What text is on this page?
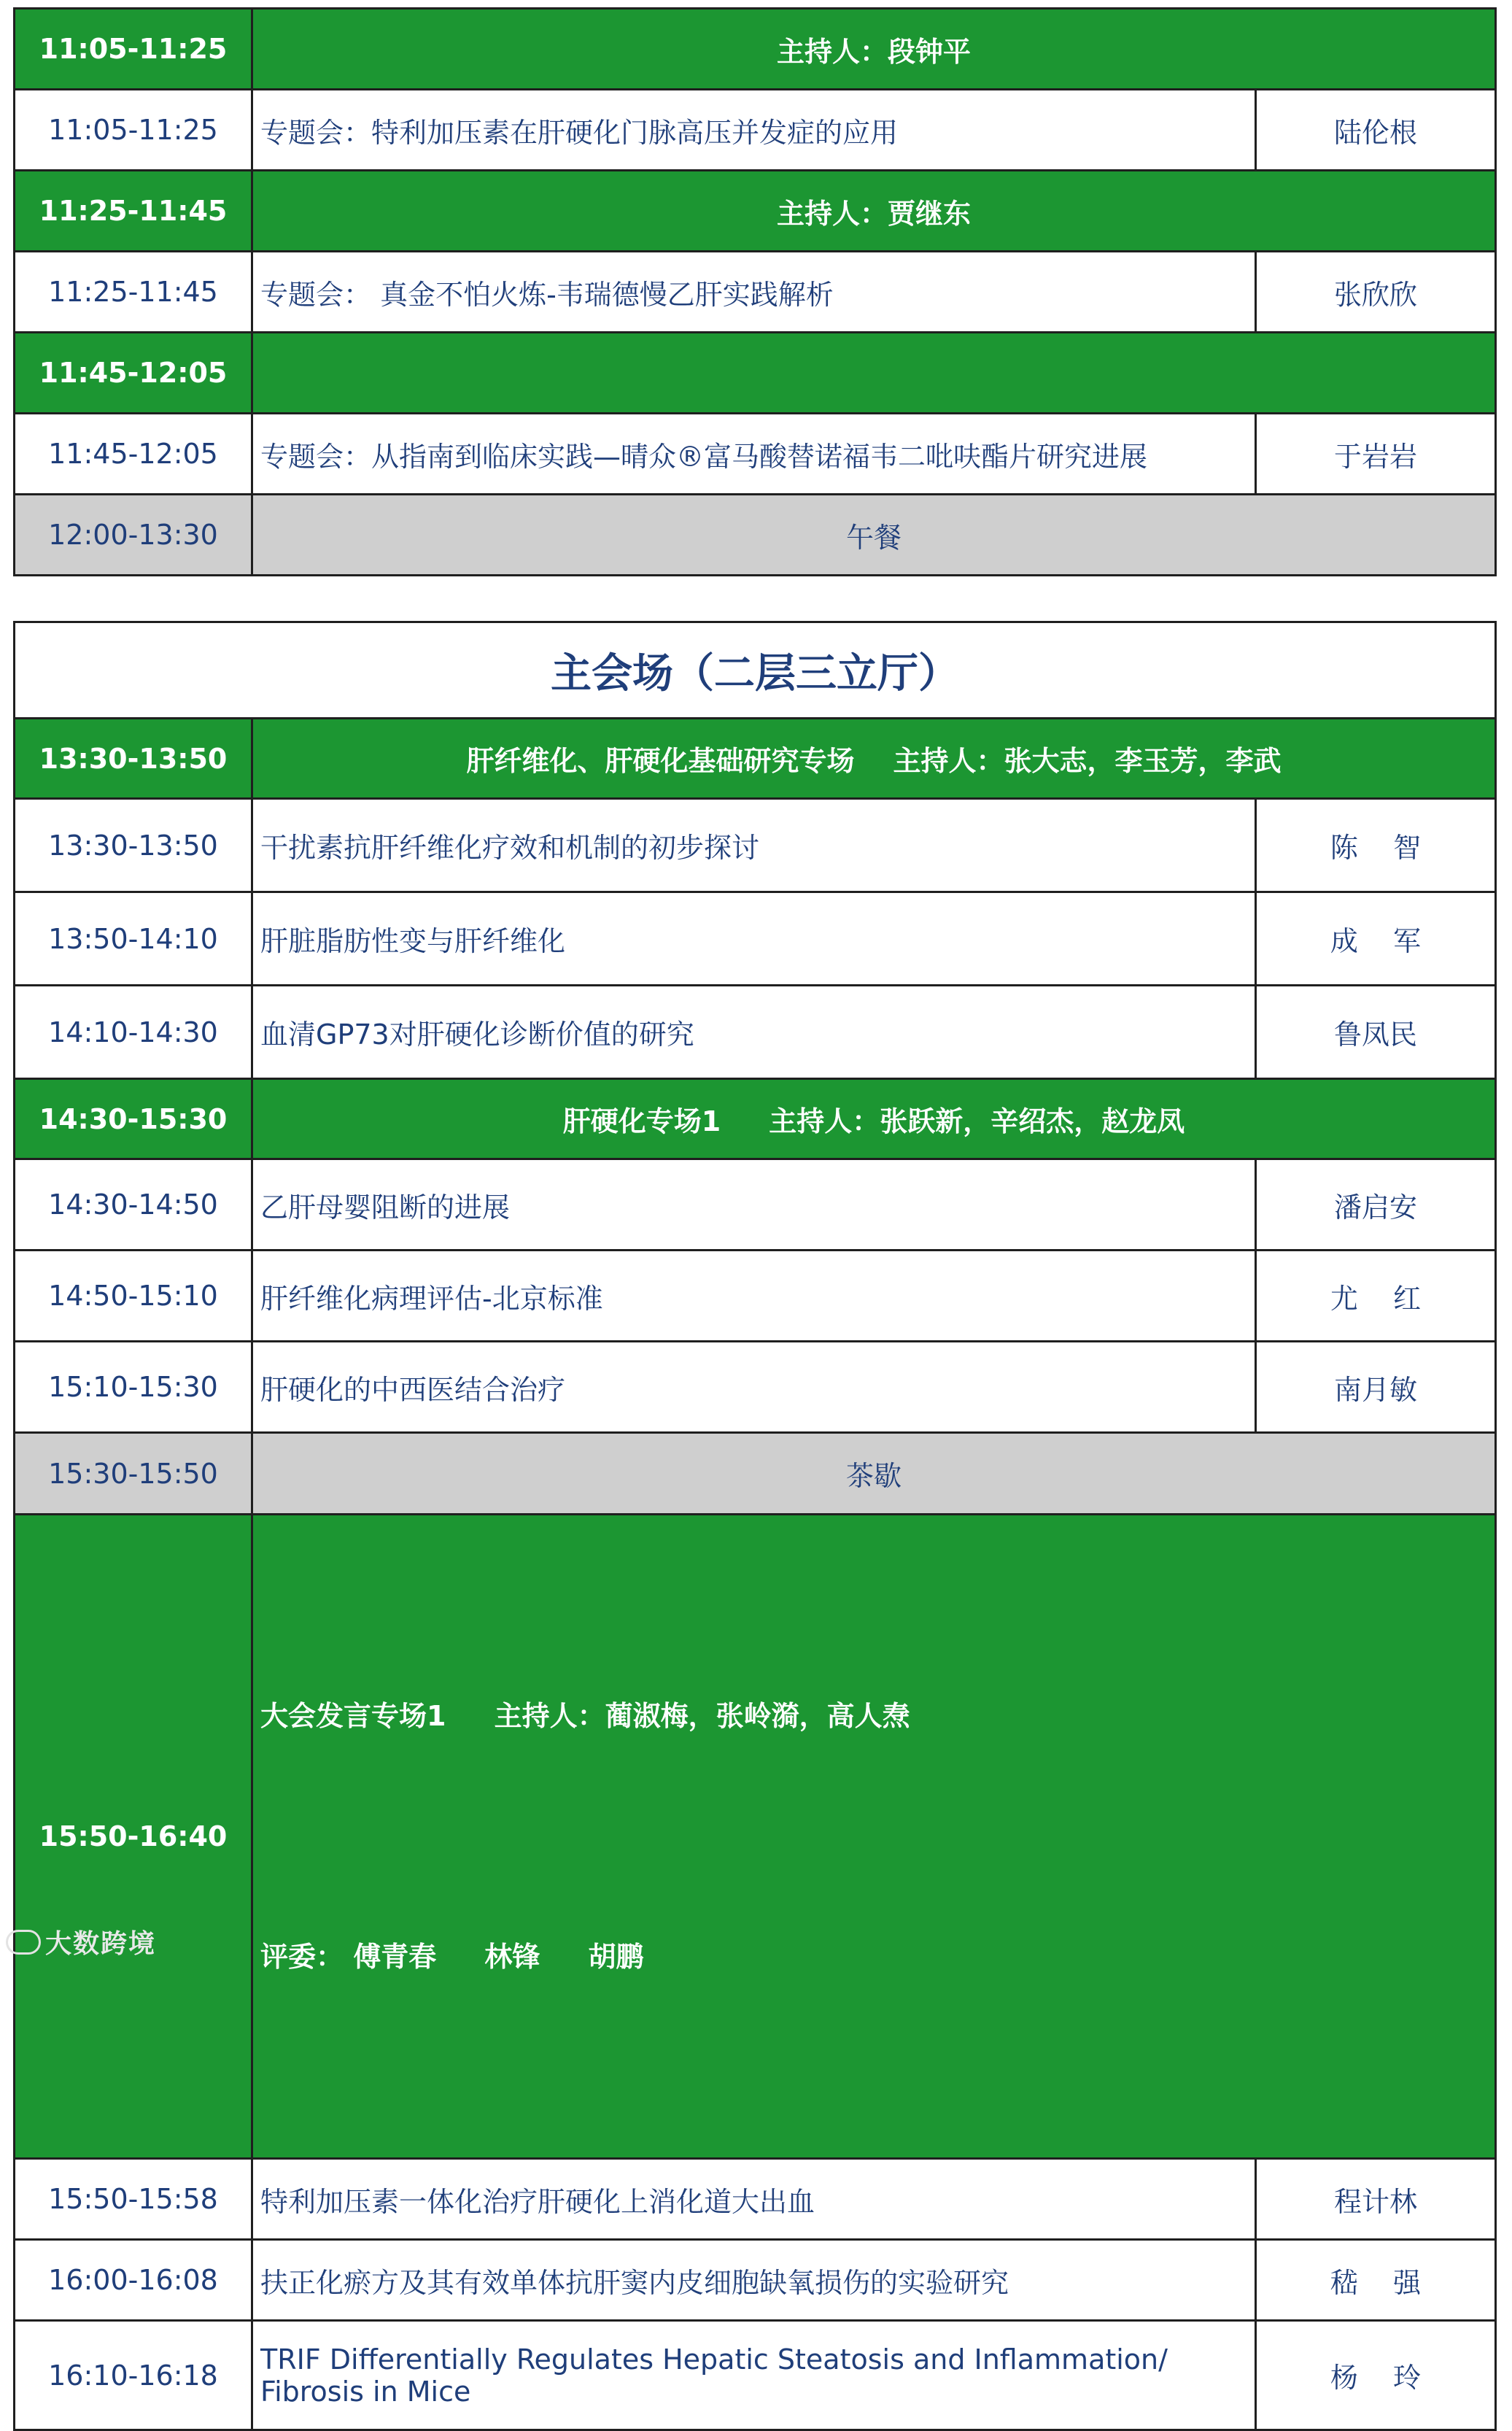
11:05-11:25	主持人：段钟平	
11:05-11:25	专题会：特利加压素在肝硬化门脉高压并发症的应用	陆伦根
11:25-11:45	主持人：贾继东	
11:25-11:45	专题会： 真金不怕火炼-韦瑞德慢乙肝实践解析	张欣欣
11:45-12:05		
11:45-12:05	专题会：从指南到临床实践—晴众®富马酸替诺福韦二吡呋酯片研究进展	于岩岩
12:00-13:30	午餐	
主会场（二层三立厅）		
13:30-13:50	肝纤维化、肝硬化基础研究专场    主持人：张大志，李玉芳，李武	
13:30-13:50	干扰素抗肝纤维化疗效和机制的初步探讨	陈    智
13:50-14:10	肝脏脂肪性变与肝纤维化	成    军
14:10-14:30	血清GP73对肝硬化诊断价值的研究	鲁凤民
14:30-15:30	肝硬化专场1     主持人：张跃新，辛绍杰，赵龙凤	
14:30-14:50	乙肝母婴阻断的进展	潘启安
14:50-15:10	肝纤维化病理评估-北京标准	尤    红
15:10-15:30	肝硬化的中西医结合治疗	南月敏
15:30-15:50	茶歇	
15:50-16:40	大会发言专场1     主持人：蔺淑梅，张岭漪，高人焘

评委： 傅青春     林锋     胡鹏	

15:50-15:58	特利加压素一体化治疗肝硬化上消化道大出血	程计林
16:00-16:08	扶正化瘀方及其有效单体抗肝窦内皮细胞缺氧损伤的实验研究	嵇    强
16:10-16:18	TRIF Differentially Regulates Hepatic Steatosis and Inflammation/
Fibrosis in Mice	杨    玲
大数跨境
